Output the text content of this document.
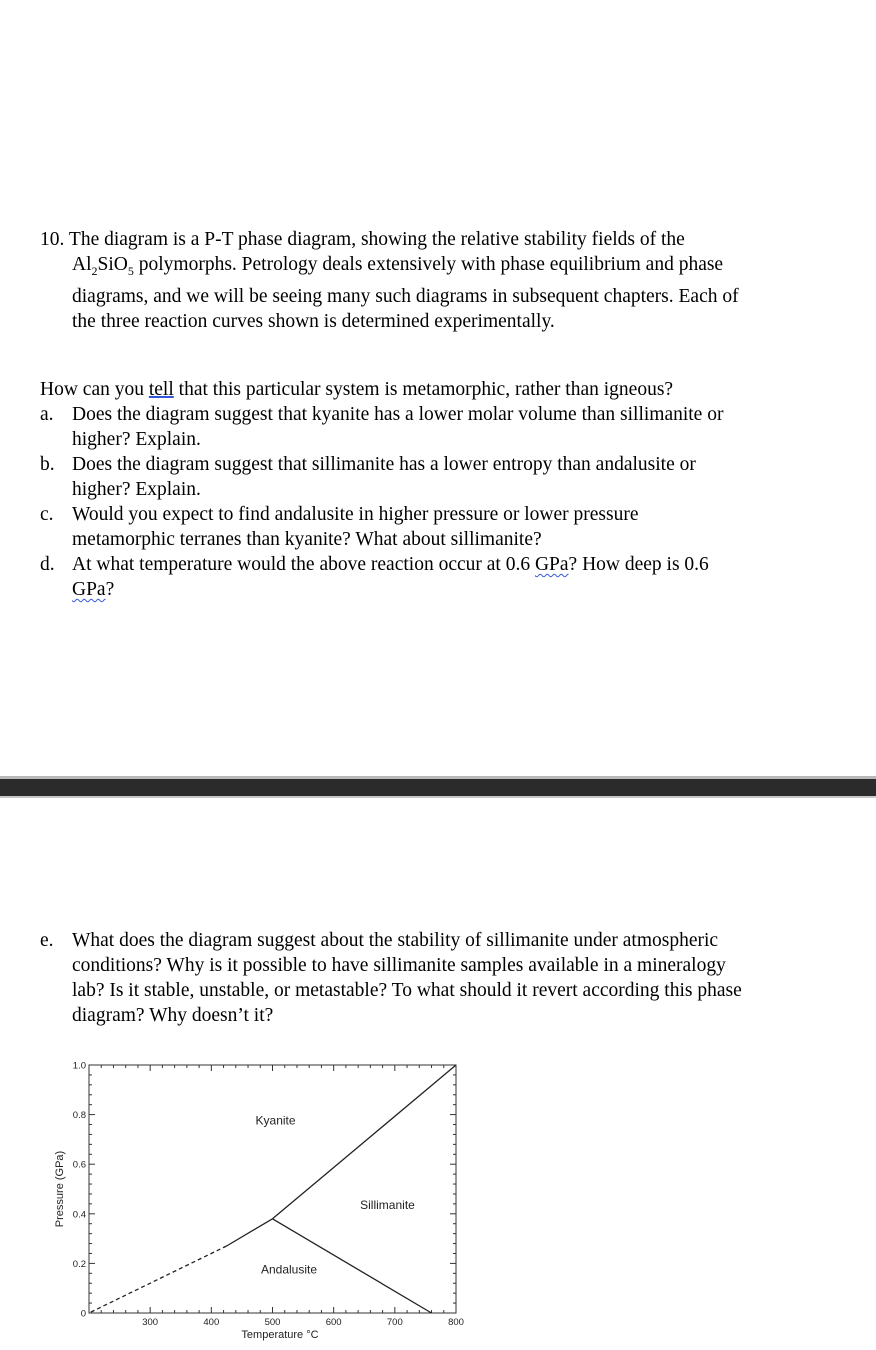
10. The diagram is a P-T phase diagram, showing the relative stability fields of the
$Al_2SiO_5$ polymorphs. Petrology deals extensively with phase equilibrium and phase
diagrams, and we will be seeing many such diagrams in subsequent chapters. Each of
the three reaction curves shown is determined experimentally.
How can you tell that this particular system is metamorphic, rather than igneous?
a. Does the diagram suggest that kyanite has a lower molar volume than sillimanite or
higher? Explain.
b. Does the diagram suggest that sillimanite has a lower entropy than andalusite or
higher? Explain.
c. Would you expect to find andalusite in higher pressure or lower pressure
metamorphic terranes than kyanite? What about sillimanite?
d. At what temperature would the above reaction occur at 0.6 GPa? How deep is 0.6
GPa?
e. What does the diagram suggest about the stability of sillimanite under atmospheric
conditions? Why is it possible to have sillimanite samples available in a mineralogy
lab? Is it stable, unstable, or metastable? To what should it revert according this phase
diagram? Why doesn’t it?
300	400	500	600	700	800
0
0.2
0.4
0.6
0.8
1.0
Kyanite
Sillimanite
Andalusite
Temperature °C
Pressure (GPa)
